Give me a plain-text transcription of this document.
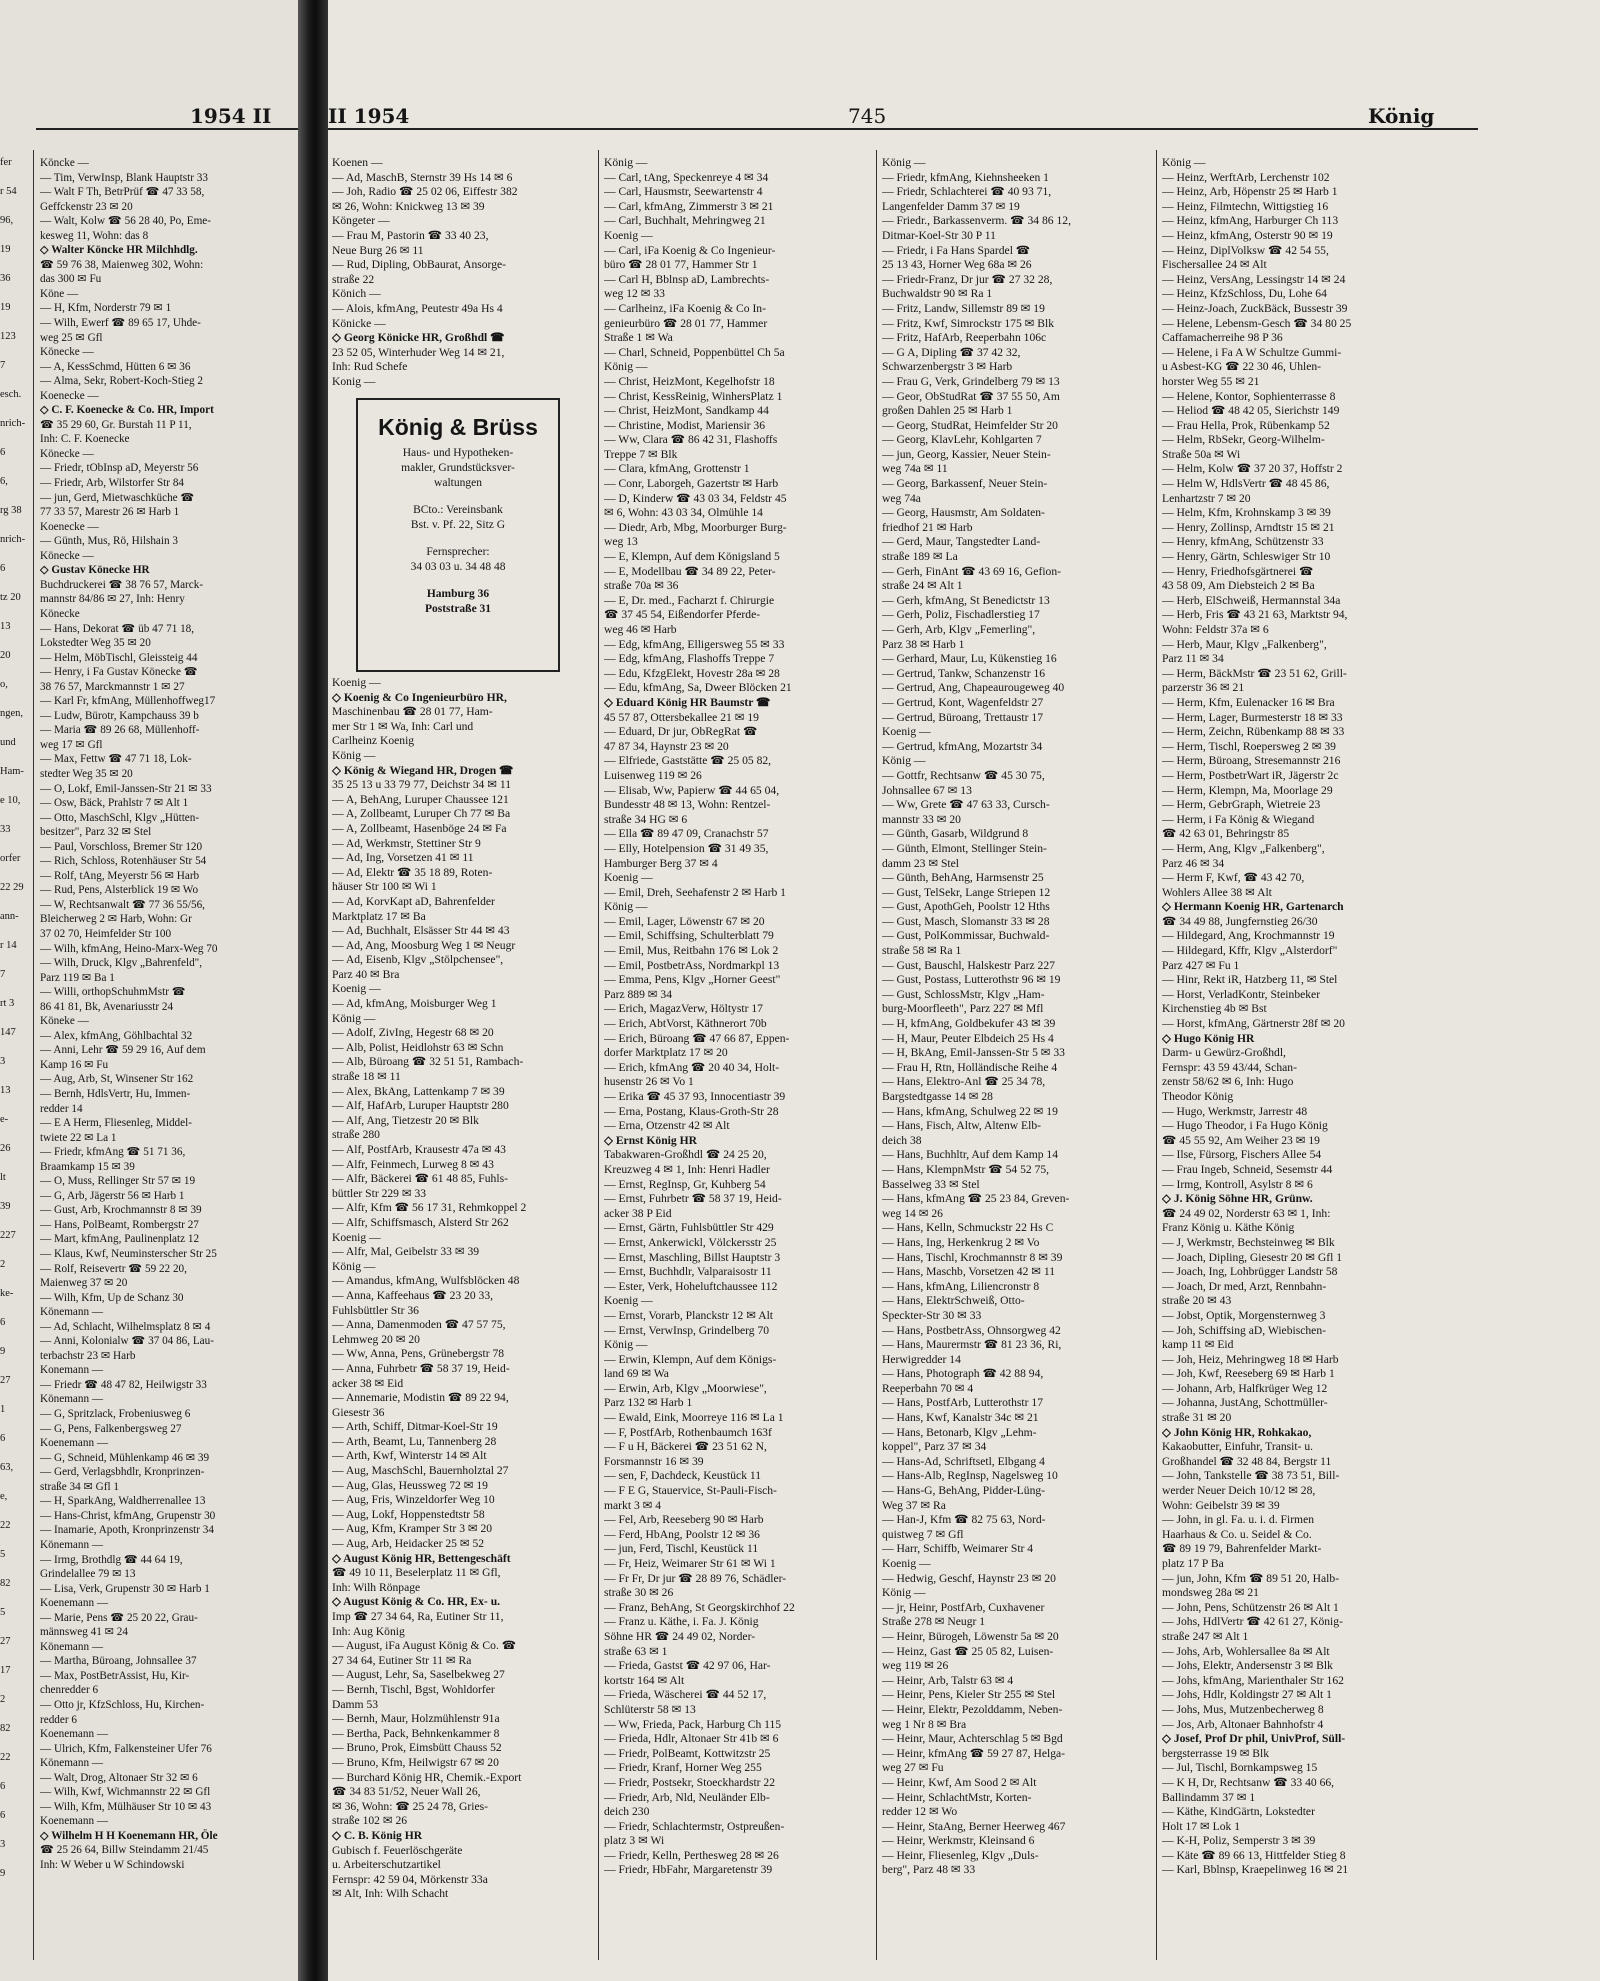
1954 II
fer
r 54
96,
19
36
19
123
7
esch.
nrich-
6
6,
rg 38
nrich-
6
tz 20
13
20
o,
ngen,
und
Ham-
e 10,
33
orfer
22 29
ann-
r 14
7
rt 3
147
3
13
e-
26
lt
39
227
2
ke-
6
9
27
1
6
63,
e,
22
5
82
5
27
17
2
82
22
6
6
3
9
Köncke —
— Tim, VerwInsp, Blank Hauptstr 33
— Walt F Th, BetrPrüf ☎ 47 33 58,
Geffckenstr 23 ✉ 20
— Walt, Kolw ☎ 56 28 40, Po, Eme-
kesweg 11, Wohn: das 8
◇ Walter Köncke HR Milchhdlg.
☎ 59 76 38, Maienweg 302, Wohn:
das 300 ✉ Fu
Köne —
— H, Kfm, Norderstr 79 ✉ 1
— Wilh, Ewerf ☎ 89 65 17, Uhde-
weg 25 ✉ Gfl
Könecke —
— A, KessSchmd, Hütten 6 ✉ 36
— Alma, Sekr, Robert-Koch-Stieg 2
Koenecke —
◇ C. F. Koenecke & Co. HR, Import
☎ 35 29 60, Gr. Burstah 11 P 11,
Inh: C. F. Koenecke
Könecke —
— Friedr, tObInsp aD, Meyerstr 56
— Friedr, Arb, Wilstorfer Str 84
— jun, Gerd, Mietwaschküche ☎
77 33 57, Marestr 26 ✉ Harb 1
Koenecke —
— Günth, Mus, Rö, Hilshain 3
Könecke —
◇ Gustav Könecke HR
Buchdruckerei ☎ 38 76 57, Marck-
mannstr 84/86 ✉ 27, Inh: Henry
Könecke
— Hans, Dekorat ☎ üb 47 71 18,
Lokstedter Weg 35 ✉ 20
— Helm, MöbTischl, Gleissteig 44
— Henry, i Fa Gustav Könecke ☎
38 76 57, Marckmannstr 1 ✉ 27
— Karl Fr, kfmAng, Müllenhoffweg17
— Ludw, Bürotr, Kampchauss 39 b
— Maria ☎ 89 26 68, Müllenhoff-
weg 17 ✉ Gfl
— Max, Fettw ☎ 47 71 18, Lok-
stedter Weg 35 ✉ 20
— O, Lokf, Emil-Janssen-Str 21 ✉ 33
— Osw, Bäck, Prahlstr 7 ✉ Alt 1
— Otto, MaschSchl, Klgv „Hütten-
besitzer", Parz 32 ✉ Stel
— Paul, Vorschloss, Bremer Str 120
— Rich, Schloss, Rotenhäuser Str 54
— Rolf, tAng, Meyerstr 56 ✉ Harb
— Rud, Pens, Alsterblick 19 ✉ Wo
— W, Rechtsanwalt ☎ 77 36 55/56,
Bleicherweg 2 ✉ Harb, Wohn: Gr
37 02 70, Heimfelder Str 100
— Wilh, kfmAng, Heino-Marx-Weg 70
— Wilh, Druck, Klgv „Bahrenfeld",
Parz 119 ✉ Ba 1
— Willi, orthopSchuhmMstr ☎
86 41 81, Bk, Avenariusstr 24
Köneke —
— Alex, kfmAng, Göhlbachtal 32
— Anni, Lehr ☎ 59 29 16, Auf dem
Kamp 16 ✉ Fu
— Aug, Arb, St, Winsener Str 162
— Bernh, HdlsVertr, Hu, Immen-
redder 14
— E A Herm, Fliesenleg, Middel-
twiete 22 ✉ La 1
— Friedr, kfmAng ☎ 51 71 36,
Braamkamp 15 ✉ 39
— O, Muss, Rellinger Str 57 ✉ 19
— G, Arb, Jägerstr 56 ✉ Harb 1
— Gust, Arb, Krochmannstr 8 ✉ 39
— Hans, PolBeamt, Rombergstr 27
— Mart, kfmAng, Paulinenplatz 12
— Klaus, Kwf, Neuminsterscher Str 25
— Rolf, Reisevertr ☎ 59 22 20,
Maienweg 37 ✉ 20
— Wilh, Kfm, Up de Schanz 30
Könemann —
— Ad, Schlacht, Wilhelmsplatz 8 ✉ 4
— Anni, Kolonialw ☎ 37 04 86, Lau-
terbachstr 23 ✉ Harb
Konemann —
— Friedr ☎ 48 47 82, Heilwigstr 33
Könemann —
— G, Spritzlack, Frobeniusweg 6
— G, Pens, Falkenbergsweg 27
Koenemann —
— G, Schneid, Mühlenkamp 46 ✉ 39
— Gerd, Verlagsbhdlr, Kronprinzen-
straße 34 ✉ Gfl 1
— H, SparkAng, Waldherrenallee 13
— Hans-Christ, kfmAng, Grupenstr 30
— Inamarie, Apoth, Kronprinzenstr 34
Könemann —
— Irmg, Brothdlg ☎ 44 64 19,
Grindelallee 79 ✉ 13
— Lisa, Verk, Grupenstr 30 ✉ Harb 1
Koenemann —
— Marie, Pens ☎ 25 20 22, Grau-
männsweg 41 ✉ 24
Könemann —
— Martha, Büroang, Johnsallee 37
— Max, PostBetrAssist, Hu, Kir-
chenredder 6
— Otto jr, KfzSchloss, Hu, Kirchen-
redder 6
Koenemann —
— Ulrich, Kfm, Falkensteiner Ufer 76
Könemann —
— Walt, Drog, Altonaer Str 32 ✉ 6
— Wilh, Kwf, Wichmannstr 22 ✉ Gfl
— Wilh, Kfm, Mülhäuser Str 10 ✉ 43
Koenemann —
◇ Wilhelm H H Koenemann HR, Öle
☎ 25 26 64, Billw Steindamm 21/45
Inh: W Weber u W Schindowski
II 1954	745	König
Koenen —
— Ad, MaschB, Sternstr 39 Hs 14 ✉ 6
— Joh, Radio ☎ 25 02 06, Eiffestr 382
✉ 26, Wohn: Knickweg 13 ✉ 39
Köngeter —
— Frau M, Pastorin ☎ 33 40 23,
Neue Burg 26 ✉ 11
— Rud, Dipling, ObBaurat, Ansorge-
straße 22
Könich —
— Alois, kfmAng, Peutestr 49a Hs 4
Könicke —
◇ Georg Könicke HR, Großhdl ☎
23 52 05, Winterhuder Weg 14 ✉ 21,
Inh: Rud Schefe
Konig —
König & Brüss
Haus- und Hypotheken-
makler, Grundstücksver-
waltungen
BCto.: Vereinsbank
Bst. v. Pf. 22, Sitz G
Fernsprecher:
34 03 03 u. 34 48 48
Hamburg 36
Poststraße 31
Koenig —
◇ Koenig & Co Ingenieurbüro HR,
Maschinenbau ☎ 28 01 77, Ham-
mer Str 1 ✉ Wa, Inh: Carl und
Carlheinz Koenig
König —
◇ König & Wiegand HR, Drogen ☎
35 25 13 u 33 79 77, Deichstr 34 ✉ 11
— A, BehAng, Luruper Chaussee 121
— A, Zollbeamt, Luruper Ch 77 ✉ Ba
— A, Zollbeamt, Hasenböge 24 ✉ Fa
— Ad, Werkmstr, Stettiner Str 9
— Ad, Ing, Vorsetzen 41 ✉ 11
— Ad, Elektr ☎ 35 18 89, Roten-
häuser Str 100 ✉ Wi 1
— Ad, KorvKapt aD, Bahrenfelder
Marktplatz 17 ✉ Ba
— Ad, Buchhalt, Elsässer Str 44 ✉ 43
— Ad, Ang, Moosburg Weg 1 ✉ Neugr
— Ad, Eisenb, Klgv „Stölpchensee",
Parz 40 ✉ Bra
Koenig —
— Ad, kfmAng, Moisburger Weg 1
König —
— Adolf, ZivIng, Hegestr 68 ✉ 20
— Alb, Polist, Heidlohstr 63 ✉ Schn
— Alb, Büroang ☎ 32 51 51, Rambach-
straße 18 ✉ 11
— Alex, BkAng, Lattenkamp 7 ✉ 39
— Alf, HafArb, Luruper Hauptstr 280
— Alf, Ang, Tietzestr 20 ✉ Blk
straße 280
— Alf, PostfArb, Krausestr 47a ✉ 43
— Alfr, Feinmech, Lurweg 8 ✉ 43
— Alfr, Bäckerei ☎ 61 48 85, Fuhls-
büttler Str 229 ✉ 33
— Alfr, Kfm ☎ 56 17 31, Rehmkoppel 2
— Alfr, Schiffsmasch, Alsterd Str 262
Koenig —
— Alfr, Mal, Geibelstr 33 ✉ 39
König —
— Amandus, kfmAng, Wulfsblöcken 48
— Anna, Kaffeehaus ☎ 23 20 33,
Fuhlsbüttler Str 36
— Anna, Damenmoden ☎ 47 57 75,
Lehmweg 20 ✉ 20
— Ww, Anna, Pens, Grünebergstr 78
— Anna, Fuhrbetr ☎ 58 37 19, Heid-
acker 38 ✉ Eid
— Annemarie, Modistin ☎ 89 22 94,
Giesestr 36
— Arth, Schiff, Ditmar-Koel-Str 19
— Arth, Beamt, Lu, Tannenberg 28
— Arth, Kwf, Winterstr 14 ✉ Alt
— Aug, MaschSchl, Bauernholztal 27
— Aug, Glas, Heussweg 72 ✉ 19
— Aug, Fris, Winzeldorfer Weg 10
— Aug, Lokf, Hoppenstedtstr 58
— Aug, Kfm, Kramper Str 3 ✉ 20
— Aug, Arb, Heidacker 25 ✉ 52
◇ August König HR, Bettengeschäft
☎ 49 10 11, Beselerplatz 11 ✉ Gfl,
Inh: Wilh Rönpage
◇ August König & Co. HR, Ex- u.
Imp ☎ 27 34 64, Ra, Eutiner Str 11,
Inh: Aug König
— August, iFa August König & Co. ☎
27 34 64, Eutiner Str 11 ✉ Ra
— August, Lehr, Sa, Saselbekweg 27
— Bernh, Tischl, Bgst, Wohldorfer
Damm 53
— Bernh, Maur, Holzmühlenstr 91a
— Bertha, Pack, Behnkenkammer 8
— Bruno, Prok, Eimsbütt Chauss 52
— Bruno, Kfm, Heilwigstr 67 ✉ 20
— Burchard König HR, Chemik.-Export
☎ 34 83 51/52, Neuer Wall 26,
✉ 36, Wohn: ☎ 25 24 78, Gries-
straße 102 ✉ 26
◇ C. B. König HR
Gubisch f. Feuerlöschgeräte
u. Arbeiterschutzartikel
Fernspr: 42 59 04, Mörkenstr 33a
✉ Alt, Inh: Wilh Schacht
König —
— Carl, tAng, Speckenreye 4 ✉ 34
— Carl, Hausmstr, Seewartenstr 4
— Carl, kfmAng, Zimmerstr 3 ✉ 21
— Carl, Buchhalt, Mehringweg 21
Koenig —
— Carl, iFa Koenig & Co Ingenieur-
büro ☎ 28 01 77, Hammer Str 1
— Carl H, Bblnsp aD, Lambrechts-
weg 12 ✉ 33
— Carlheinz, iFa Koenig & Co In-
genieurbüro ☎ 28 01 77, Hammer
Straße 1 ✉ Wa
— Charl, Schneid, Poppenbüttel Ch 5a
König —
— Christ, HeizMont, Kegelhofstr 18
— Christ, KessReinig, WinhersPlatz 1
— Christ, HeizMont, Sandkamp 44
— Christine, Modist, Mariensir 36
— Ww, Clara ☎ 86 42 31, Flashoffs
Treppe 7 ✉ Blk
— Clara, kfmAng, Grottenstr 1
— Conr, Laborgeh, Gazertstr ✉ Harb
— D, Kinderw ☎ 43 03 34, Feldstr 45
✉ 6, Wohn: 43 03 34, Olmühle 14
— Diedr, Arb, Mbg, Moorburger Burg-
weg 13
— E, Klempn, Auf dem Königsland 5
— E, Modellbau ☎ 34 89 22, Peter-
straße 70a ✉ 36
— E, Dr. med., Facharzt f. Chirurgie
☎ 37 45 54, Eißendorfer Pferde-
weg 46 ✉ Harb
— Edg, kfmAng, Elligersweg 55 ✉ 33
— Edg, kfmAng, Flashoffs Treppe 7
— Edu, KfzgElekt, Hovestr 28a ✉ 28
— Edu, kfmAng, Sa, Dweer Blöcken 21
◇ Eduard König HR Baumstr ☎
45 57 87, Ottersbekallee 21 ✉ 19
— Eduard, Dr jur, ObRegRat ☎
47 87 34, Haynstr 23 ✉ 20
— Elfriede, Gaststätte ☎ 25 05 82,
Luisenweg 119 ✉ 26
— Elisab, Ww, Papierw ☎ 44 65 04,
Bundesstr 48 ✉ 13, Wohn: Rentzel-
straße 34 HG ✉ 6
— Ella ☎ 89 47 09, Cranachstr 57
— Elly, Hotelpension ☎ 31 49 35,
Hamburger Berg 37 ✉ 4
Koenig —
— Emil, Dreh, Seehafenstr 2 ✉ Harb 1
König —
— Emil, Lager, Löwenstr 67 ✉ 20
— Emil, Schiffsing, Schulterblatt 79
— Emil, Mus, Reitbahn 176 ✉ Lok 2
— Emil, PostbetrAss, Nordmarkpl 13
— Emma, Pens, Klgv „Horner Geest"
Parz 889 ✉ 34
— Erich, MagazVerw, Höltystr 17
— Erich, AbtVorst, Käthnerort 70b
— Erich, Büroang ☎ 47 66 87, Eppen-
dorfer Marktplatz 17 ✉ 20
— Erich, kfmAng ☎ 20 40 34, Holt-
husenstr 26 ✉ Vo 1
— Erika ☎ 45 37 93, Innocentiastr 39
— Erna, Postang, Klaus-Groth-Str 28
— Erna, Otzenstr 42 ✉ Alt
◇ Ernst König HR
Tabakwaren-Großhdl ☎ 24 25 20,
Kreuzweg 4 ✉ 1, Inh: Henri Hadler
— Ernst, RegInsp, Gr, Kuhberg 54
— Ernst, Fuhrbetr ☎ 58 37 19, Heid-
acker 38 P Eid
— Ernst, Gärtn, Fuhlsbüttler Str 429
— Ernst, Ankerwickl, Völckersstr 25
— Ernst, Maschling, Billst Hauptstr 3
— Ernst, Buchhdlr, Valparaisostr 11
— Ester, Verk, Hoheluftchaussee 112
Koenig —
— Ernst, Vorarb, Planckstr 12 ✉ Alt
— Ernst, VerwInsp, Grindelberg 70
König —
— Erwin, Klempn, Auf dem Königs-
land 69 ✉ Wa
— Erwin, Arb, Klgv „Moorwiese",
Parz 132 ✉ Harb 1
— Ewald, Eink, Moorreye 116 ✉ La 1
— F, PostfArb, Rothenbaumch 163f
— F u H, Bäckerei ☎ 23 51 62 N,
Forsmannstr 16 ✉ 39
— sen, F, Dachdeck, Keustück 11
— F E G, Stauervice, St-Pauli-Fisch-
markt 3 ✉ 4
— Fel, Arb, Reeseberg 90 ✉ Harb
— Ferd, HbAng, Poolstr 12 ✉ 36
— jun, Ferd, Tischl, Keustück 11
— Fr, Heiz, Weimarer Str 61 ✉ Wi 1
— Fr Fr, Dr jur ☎ 28 89 76, Schädler-
straße 30 ✉ 26
— Franz, BehAng, St Georgskirchhof 22
— Franz u. Käthe, i. Fa. J. König
Söhne HR ☎ 24 49 02, Norder-
straße 63 ✉ 1
— Frieda, Gastst ☎ 42 97 06, Har-
kortstr 164 ✉ Alt
— Frieda, Wäscherei ☎ 44 52 17,
Schlüterstr 58 ✉ 13
— Ww, Frieda, Pack, Harburg Ch 115
— Frieda, Hdlr, Altonaer Str 41b ✉ 6
— Friedr, PolBeamt, Kottwitzstr 25
— Friedr, Kranf, Horner Weg 255
— Friedr, Postsekr, Stoeckhardstr 22
— Friedr, Arb, Nld, Neuländer Elb-
deich 230
— Friedr, Schlachtermstr, Ostpreußen-
platz 3 ✉ Wi
— Friedr, Kelln, Perthesweg 28 ✉ 26
— Friedr, HbFahr, Margaretenstr 39
König —
— Friedr, kfmAng, Kiehnsheeken 1
— Friedr, Schlachterei ☎ 40 93 71,
Langenfelder Damm 37 ✉ 19
— Friedr., Barkassenverm. ☎ 34 86 12,
Ditmar-Koel-Str 30 P 11
— Friedr, i Fa Hans Spardel ☎
25 13 43, Horner Weg 68a ✉ 26
— Friedr-Franz, Dr jur ☎ 27 32 28,
Buchwaldstr 90 ✉ Ra 1
— Fritz, Landw, Sillemstr 89 ✉ 19
— Fritz, Kwf, Simrockstr 175 ✉ Blk
— Fritz, HafArb, Reeperbahn 106c
— G A, Dipling ☎ 37 42 32,
Schwarzenbergstr 3 ✉ Harb
— Frau G, Verk, Grindelberg 79 ✉ 13
— Geor, ObStudRat ☎ 37 55 50, Am
großen Dahlen 25 ✉ Harb 1
— Georg, StudRat, Heimfelder Str 20
— Georg, KlavLehr, Kohlgarten 7
— jun, Georg, Kassier, Neuer Stein-
weg 74a ✉ 11
— Georg, Barkassenf, Neuer Stein-
weg 74a
— Georg, Hausmstr, Am Soldaten-
friedhof 21 ✉ Harb
— Gerd, Maur, Tangstedter Land-
straße 189 ✉ La
— Gerh, FinAnt ☎ 43 69 16, Gefion-
straße 24 ✉ Alt 1
— Gerh, kfmAng, St Benedictstr 13
— Gerh, Poliz, Fischadlerstieg 17
— Gerh, Arb, Klgv „Femerling",
Parz 38 ✉ Harb 1
— Gerhard, Maur, Lu, Kükenstieg 16
— Gertrud, Tankw, Schanzenstr 16
— Gertrud, Ang, Chapeaurougeweg 40
— Gertrud, Kont, Wagenfeldstr 27
— Gertrud, Büroang, Trettaustr 17
Koenig —
— Gertrud, kfmAng, Mozartstr 34
König —
— Gottfr, Rechtsanw ☎ 45 30 75,
Johnsallee 67 ✉ 13
— Ww, Grete ☎ 47 63 33, Cursch-
mannstr 33 ✉ 20
— Günth, Gasarb, Wildgrund 8
— Günth, Elmont, Stellinger Stein-
damm 23 ✉ Stel
— Günth, BehAng, Harmsenstr 25
— Gust, TelSekr, Lange Striepen 12
— Gust, ApothGeh, Poolstr 12 Hths
— Gust, Masch, Slomanstr 33 ✉ 28
— Gust, PolKommissar, Buchwald-
straße 58 ✉ Ra 1
— Gust, Bauschl, Halskestr Parz 227
— Gust, Postass, Lutterothstr 96 ✉ 19
— Gust, SchlossMstr, Klgv „Ham-
burg-Moorfleeth", Parz 227 ✉ Mfl
— H, kfmAng, Goldbekufer 43 ✉ 39
— H, Maur, Peuter Elbdeich 25 Hs 4
— H, BkAng, Emil-Janssen-Str 5 ✉ 33
— Frau H, Rtn, Holländische Reihe 4
— Hans, Elektro-Anl ☎ 25 34 78,
Bargstedtgasse 14 ✉ 28
— Hans, kfmAng, Schulweg 22 ✉ 19
— Hans, Fisch, Altw, Altenw Elb-
deich 38
— Hans, Buchhltr, Auf dem Kamp 14
— Hans, KlempnMstr ☎ 54 52 75,
Basselweg 33 ✉ Stel
— Hans, kfmAng ☎ 25 23 84, Greven-
weg 14 ✉ 26
— Hans, Kelln, Schmuckstr 22 Hs C
— Hans, Ing, Herkenkrug 2 ✉ Vo
— Hans, Tischl, Krochmannstr 8 ✉ 39
— Hans, Maschb, Vorsetzen 42 ✉ 11
— Hans, kfmAng, Liliencronstr 8
— Hans, ElektrSchweiß, Otto-
Speckter-Str 30 ✉ 33
— Hans, PostbetrAss, Ohnsorgweg 42
— Hans, Maurermstr ☎ 81 23 36, Ri,
Herwigredder 14
— Hans, Photograph ☎ 42 88 94,
Reeperbahn 70 ✉ 4
— Hans, PostfArb, Lutterothstr 17
— Hans, Kwf, Kanalstr 34c ✉ 21
— Hans, Betonarb, Klgv „Lehm-
koppel", Parz 37 ✉ 34
— Hans-Ad, Schriftsetl, Elbgang 4
— Hans-Alb, RegInsp, Nagelsweg 10
— Hans-G, BehAng, Pidder-Lüng-
Weg 37 ✉ Ra
— Han-J, Kfm ☎ 82 75 63, Nord-
quistweg 7 ✉ Gfl
— Harr, Schiffb, Weimarer Str 4
Koenig —
— Hedwig, Geschf, Haynstr 23 ✉ 20
König —
— jr, Heinr, PostfArb, Cuxhavener
Straße 278 ✉ Neugr 1
— Heinr, Bürogeh, Löwenstr 5a ✉ 20
— Heinz, Gast ☎ 25 05 82, Luisen-
weg 119 ✉ 26
— Heinr, Arb, Talstr 63 ✉ 4
— Heinr, Pens, Kieler Str 255 ✉ Stel
— Heinr, Elektr, Pezolddamm, Neben-
weg 1 Nr 8 ✉ Bra
— Heinr, Maur, Achterschlag 5 ✉ Bgd
— Heinr, kfmAng ☎ 59 27 87, Helga-
weg 27 ✉ Fu
— Heinr, Kwf, Am Sood 2 ✉ Alt
— Heinr, SchlachtMstr, Korten-
redder 12 ✉ Wo
— Heinr, StaAng, Berner Heerweg 467
— Heinr, Werkmstr, Kleinsand 6
— Heinr, Fliesenleg, Klgv „Duls-
berg", Parz 48 ✉ 33
König —
— Heinz, WerftArb, Lerchenstr 102
— Heinz, Arb, Höpenstr 25 ✉ Harb 1
— Heinz, Filmtechn, Wittigstieg 16
— Heinz, kfmAng, Harburger Ch 113
— Heinz, kfmAng, Osterstr 90 ✉ 19
— Heinz, DiplVolksw ☎ 42 54 55,
Fischersallee 24 ✉ Alt
— Heinz, VersAng, Lessingstr 14 ✉ 24
— Heinz, KfzSchloss, Du, Lohe 64
— Heinz-Joach, ZuckBäck, Bussestr 39
— Helene, Lebensm-Gesch ☎ 34 80 25
Caffamacherreihe 98 P 36
— Helene, i Fa A W Schultze Gummi-
u Asbest-KG ☎ 22 30 46, Uhlen-
horster Weg 55 ✉ 21
— Helene, Kontor, Sophienterrasse 8
— Heliod ☎ 48 42 05, Sierichstr 149
— Frau Hella, Prok, Rübenkamp 52
— Helm, RbSekr, Georg-Wilhelm-
Straße 50a ✉ Wi
— Helm, Kolw ☎ 37 20 37, Hoffstr 2
— Helm W, HdlsVertr ☎ 48 45 86,
Lenhartzstr 7 ✉ 20
— Helm, Kfm, Krohnskamp 3 ✉ 39
— Henry, Zollinsp, Arndtstr 15 ✉ 21
— Henry, kfmAng, Schützenstr 33
— Henry, Gärtn, Schleswiger Str 10
— Henry, Friedhofsgärtnerei ☎
43 58 09, Am Diebsteich 2 ✉ Ba
— Herb, ElSchweiß, Hermannstal 34a
— Herb, Fris ☎ 43 21 63, Marktstr 94,
Wohn: Feldstr 37a ✉ 6
— Herb, Maur, Klgv „Falkenberg",
Parz 11 ✉ 34
— Herm, BäckMstr ☎ 23 51 62, Grill-
parzerstr 36 ✉ 21
— Herm, Kfm, Eulenacker 16 ✉ Bra
— Herm, Lager, Burmesterstr 18 ✉ 33
— Herm, Zeichn, Rübenkamp 88 ✉ 33
— Herm, Tischl, Roepersweg 2 ✉ 39
— Herm, Büroang, Stresemannstr 216
— Herm, PostbetrWart iR, Jägerstr 2c
— Herm, Klempn, Ma, Moorlage 29
— Herm, GebrGraph, Wietreie 23
— Herm, i Fa König & Wiegand
☎ 42 63 01, Behringstr 85
— Herm, Ang, Klgv „Falkenberg",
Parz 46 ✉ 34
— Herm F, Kwf, ☎ 43 42 70,
Wohlers Allee 38 ✉ Alt
◇ Hermann Koenig HR, Gartenarch
☎ 34 49 88, Jungfernstieg 26/30
— Hildegard, Ang, Krochmannstr 19
— Hildegard, Kffr, Klgv „Alsterdorf"
Parz 427 ✉ Fu 1
— Hinr, Rekt iR, Hatzberg 11, ✉ Stel
— Horst, VerladKontr, Steinbeker
Kirchenstieg 4b ✉ Bst
— Horst, kfmAng, Gärtnerstr 28f ✉ 20
◇ Hugo König HR
Darm- u Gewürz-Großhdl,
Fernspr: 43 59 43/44, Schan-
zenstr 58/62 ✉ 6, Inh: Hugo
Theodor König
— Hugo, Werkmstr, Jarrestr 48
— Hugo Theodor, i Fa Hugo König
☎ 45 55 92, Am Weiher 23 ✉ 19
— Ilse, Fürsorg, Fischers Allee 54
— Frau Ingeb, Schneid, Sesemstr 44
— Irmg, Kontroll, Asylstr 8 ✉ 6
◇ J. König Söhne HR, Grünw.
☎ 24 49 02, Norderstr 63 ✉ 1, Inh:
Franz König u. Käthe König
— J, Werkmstr, Bechsteinweg ✉ Blk
— Joach, Dipling, Giesestr 20 ✉ Gfl 1
— Joach, Ing, Lohbrügger Landstr 58
— Joach, Dr med, Arzt, Rennbahn-
straße 20 ✉ 43
— Jobst, Optik, Morgensternweg 3
— Joh, Schiffsing aD, Wiebischen-
kamp 11 ✉ Eid
— Joh, Heiz, Mehringweg 18 ✉ Harb
— Joh, Kwf, Reeseberg 69 ✉ Harb 1
— Johann, Arb, Halfkrüger Weg 12
— Johanna, JustAng, Schottmüller-
straße 31 ✉ 20
◇ John König HR, Rohkakao,
Kakaobutter, Einfuhr, Transit- u.
Großhandel ☎ 32 48 84, Bergstr 11
— John, Tankstelle ☎ 38 73 51, Bill-
werder Neuer Deich 10/12 ✉ 28,
Wohn: Geibelstr 39 ✉ 39
— John, in gl. Fa. u. i. d. Firmen
Haarhaus & Co. u. Seidel & Co.
☎ 89 19 79, Bahrenfelder Markt-
platz 17 P Ba
— jun, John, Kfm ☎ 89 51 20, Halb-
mondsweg 28a ✉ 21
— John, Pens, Schützenstr 26 ✉ Alt 1
— Johs, HdlVertr ☎ 42 61 27, König-
straße 247 ✉ Alt 1
— Johs, Arb, Wohlersallee 8a ✉ Alt
— Johs, Elektr, Andersenstr 3 ✉ Blk
— Johs, kfmAng, Marienthaler Str 162
— Johs, Hdlr, Koldingstr 27 ✉ Alt 1
— Johs, Mus, Mutzenbecherweg 8
— Jos, Arb, Altonaer Bahnhofstr 4
◇ Josef, Prof Dr phil, UnivProf, Süll-
bergsterrasse 19 ✉ Blk
— Jul, Tischl, Bornkampsweg 15
— K H, Dr, Rechtsanw ☎ 33 40 66,
Ballindamm 37 ✉ 1
— Käthe, KindGärtn, Lokstedter
Holt 17 ✉ Lok 1
— K-H, Poliz, Semperstr 3 ✉ 39
— Käte ☎ 89 66 13, Hittfelder Stieg 8
— Karl, Bblnsp, Kraepelinweg 16 ✉ 21
